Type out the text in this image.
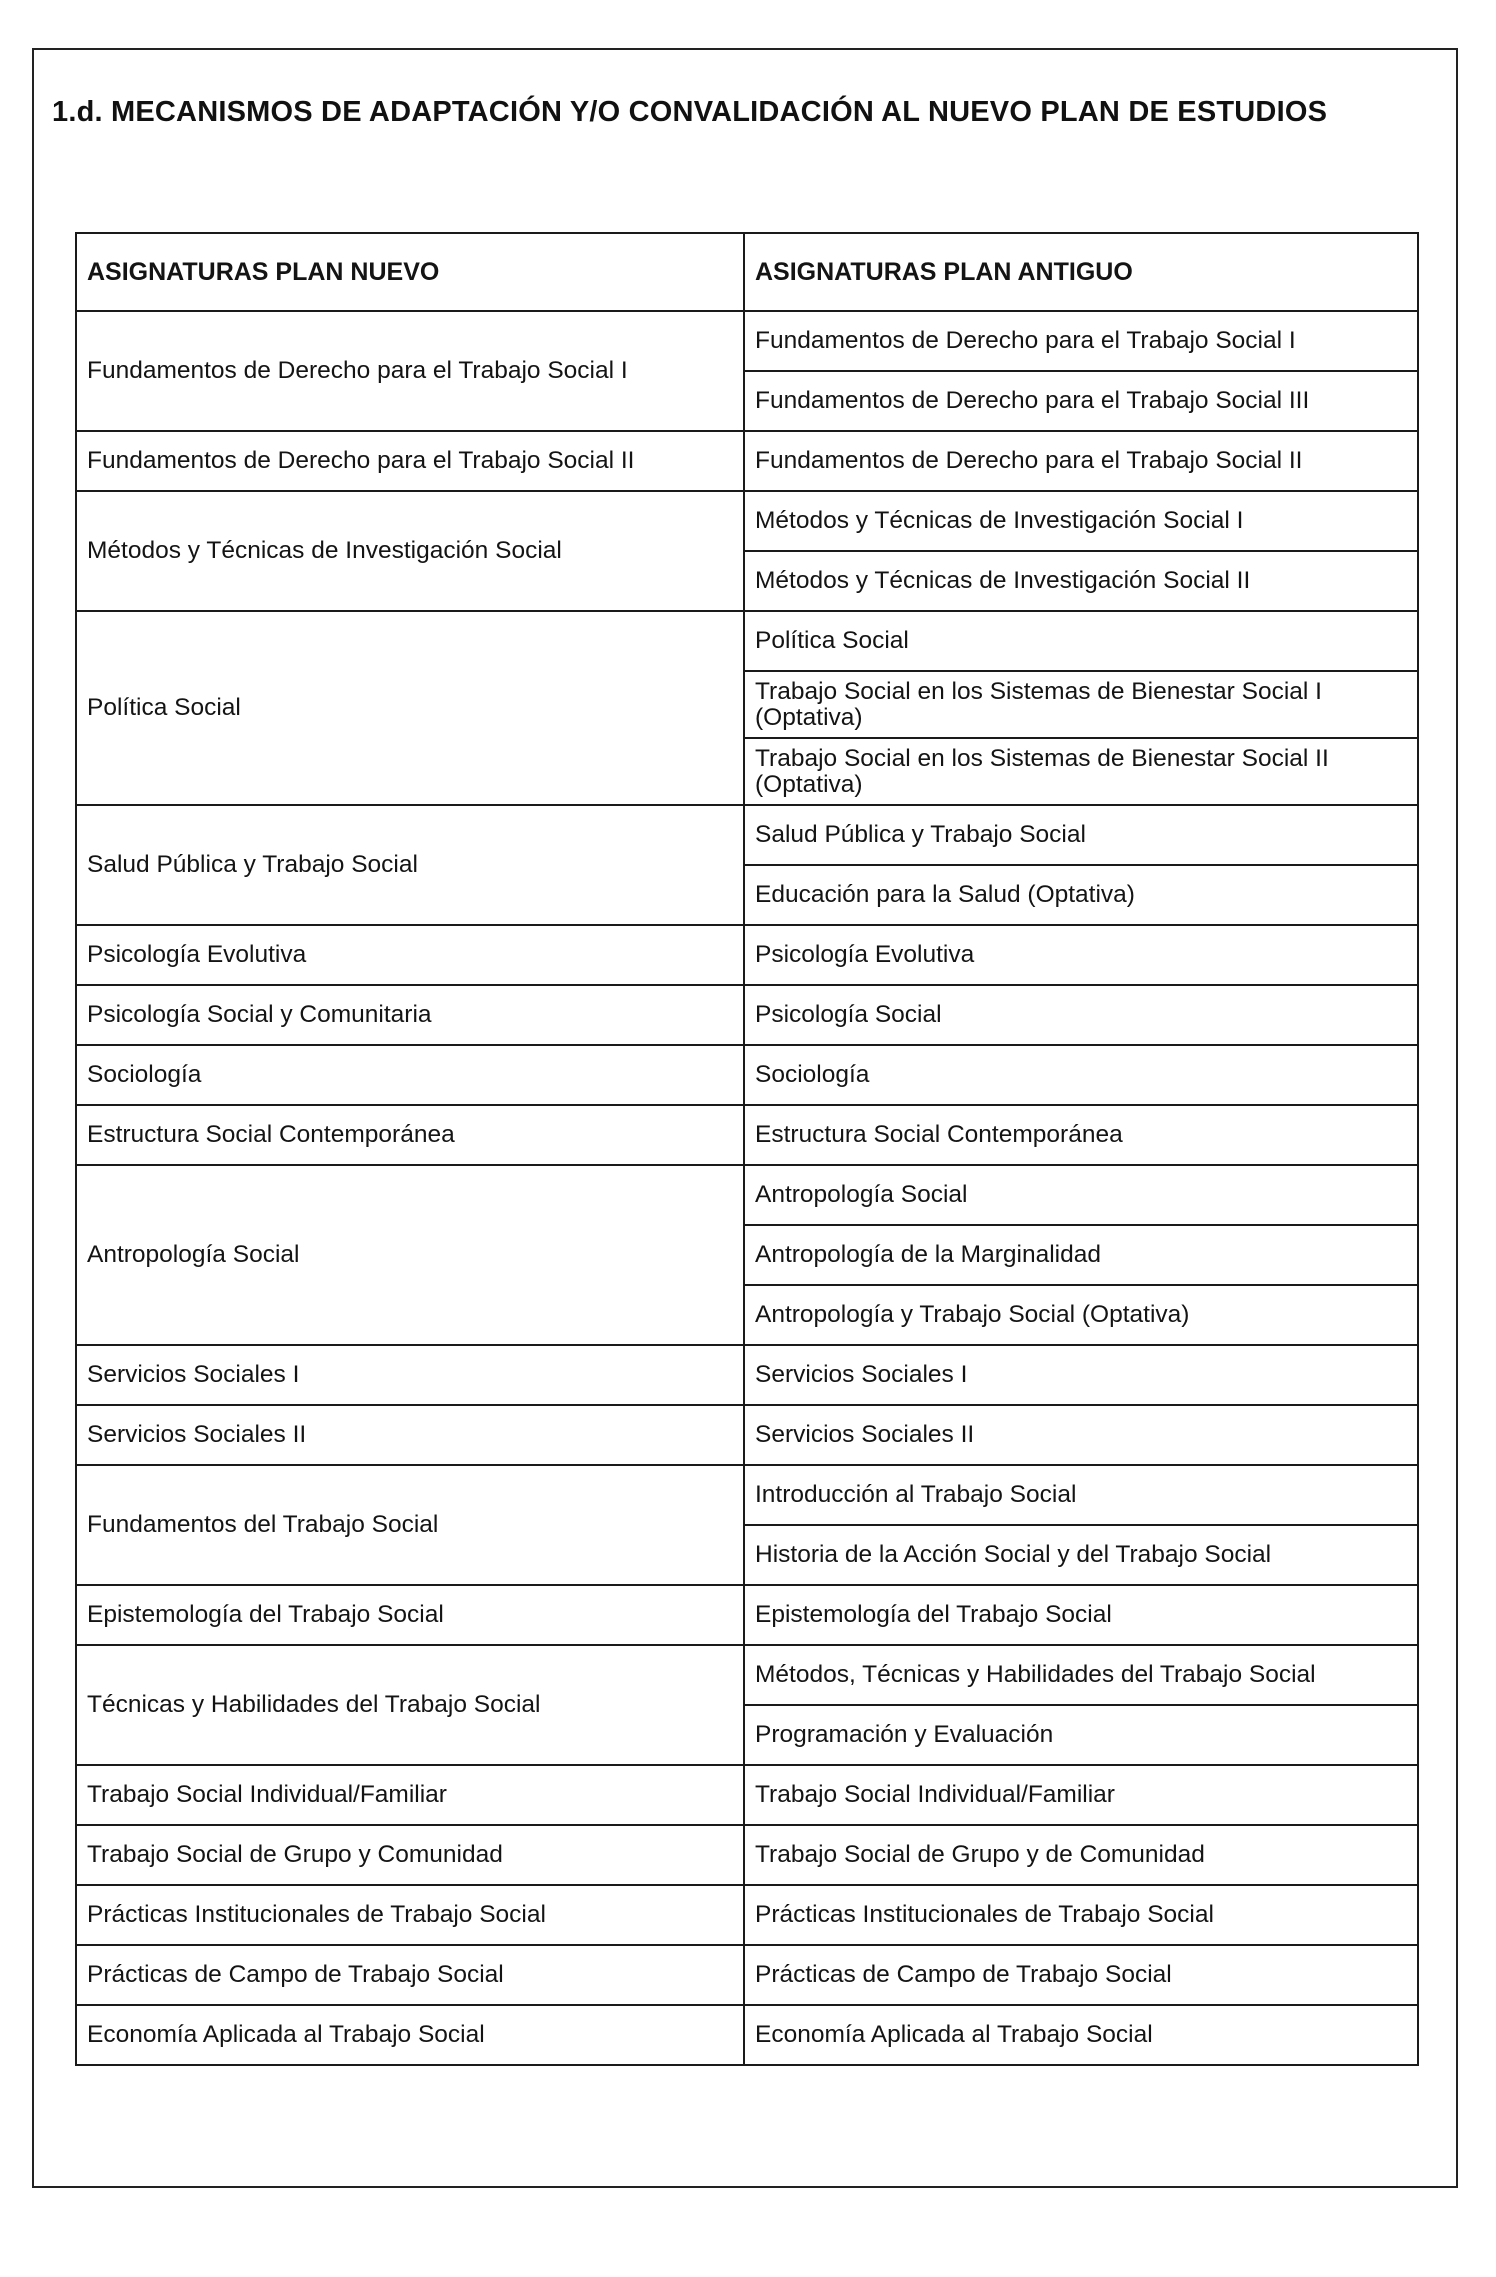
1.d. MECANISMOS DE ADAPTACIÓN Y/O CONVALIDACIÓN AL NUEVO PLAN DE ESTUDIOS
ASIGNATURAS PLAN NUEVO	ASIGNATURAS PLAN ANTIGUO
Fundamentos de Derecho para el Trabajo Social I	Fundamentos de Derecho para el Trabajo Social I
	Fundamentos de Derecho para el Trabajo Social III
Fundamentos de Derecho para el Trabajo Social II	Fundamentos de Derecho para el Trabajo Social II
Métodos y Técnicas de Investigación Social	Métodos y Técnicas de Investigación Social I
	Métodos y Técnicas de Investigación Social II
Política Social	Política Social
	Trabajo Social en los Sistemas de Bienestar Social I (Optativa)
	Trabajo Social en los Sistemas de Bienestar Social II (Optativa)
Salud Pública y Trabajo Social	Salud Pública y Trabajo Social
	Educación para la Salud (Optativa)
Psicología Evolutiva	Psicología Evolutiva
Psicología Social y Comunitaria	Psicología Social
Sociología	Sociología
Estructura Social Contemporánea	Estructura Social Contemporánea
Antropología Social	Antropología Social
	Antropología de la Marginalidad
	Antropología y Trabajo Social (Optativa)
Servicios Sociales I	Servicios Sociales I
Servicios Sociales II	Servicios Sociales II
Fundamentos del Trabajo Social	Introducción al Trabajo Social
	Historia de la Acción Social y del Trabajo Social
Epistemología del Trabajo Social	Epistemología del Trabajo Social
Técnicas y Habilidades del Trabajo Social	Métodos, Técnicas y Habilidades del Trabajo Social
	Programación y Evaluación
Trabajo Social Individual/Familiar	Trabajo Social Individual/Familiar
Trabajo Social de Grupo y Comunidad	Trabajo Social de Grupo y de Comunidad
Prácticas Institucionales de Trabajo Social	Prácticas Institucionales de Trabajo Social
Prácticas de Campo de Trabajo Social	Prácticas de Campo de Trabajo Social
Economía Aplicada al Trabajo Social	Economía Aplicada al Trabajo Social
